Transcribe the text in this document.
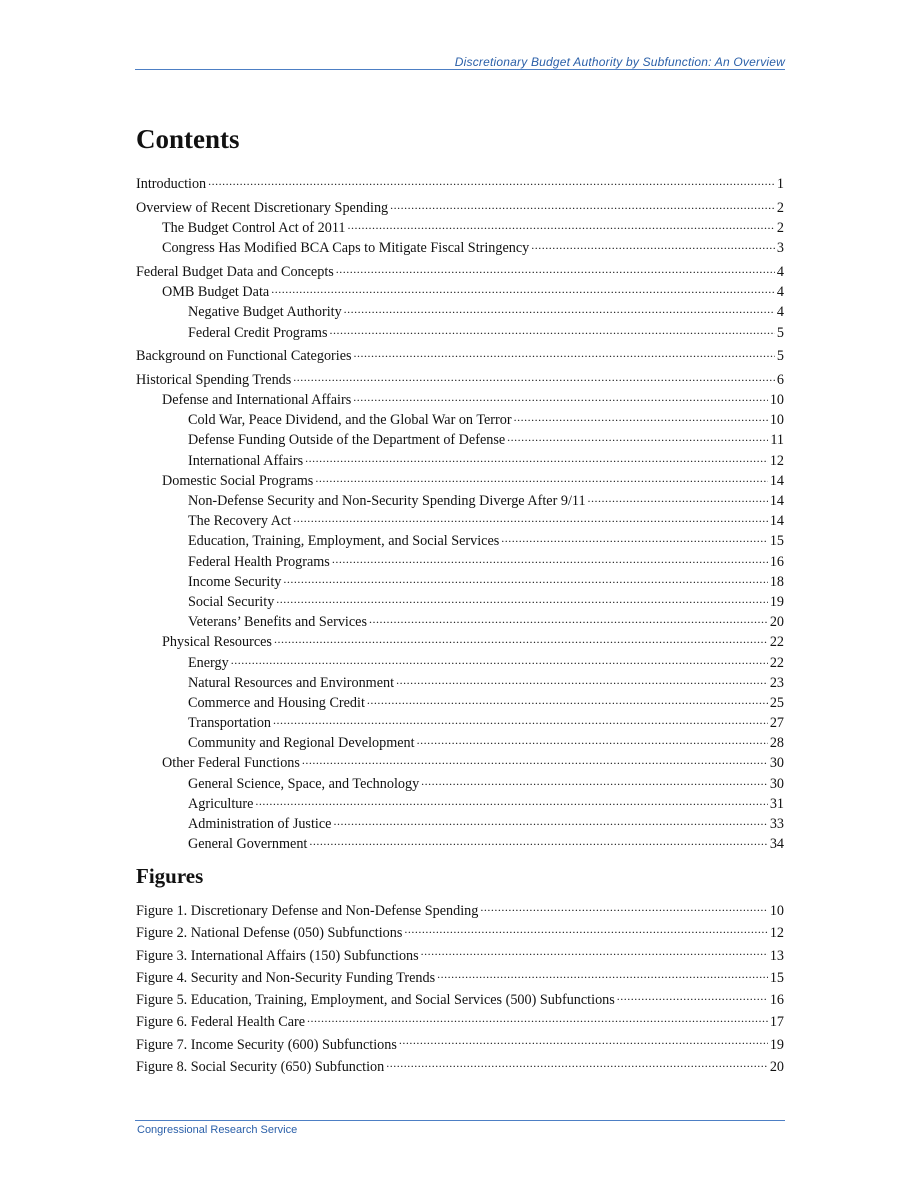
Discretionary Budget Authority by Subfunction: An Overview
Contents
Introduction .....	1
Overview of Recent Discretionary Spending .....	2
The Budget Control Act of 2011 .....	2
Congress Has Modified BCA Caps to Mitigate Fiscal Stringency .....	3
Federal Budget Data and Concepts .....	4
OMB Budget Data .....	4
Negative Budget Authority .....	4
Federal Credit Programs .....	5
Background on Functional Categories .....	5
Historical Spending Trends .....	6
Defense and International Affairs .....	10
Cold War, Peace Dividend, and the Global War on Terror .....	10
Defense Funding Outside of the Department of Defense .....	11
International Affairs .....	12
Domestic Social Programs .....	14
Non-Defense Security and Non-Security Spending Diverge After 9/11 .....	14
The Recovery Act .....	14
Education, Training, Employment, and Social Services .....	15
Federal Health Programs .....	16
Income Security .....	18
Social Security .....	19
Veterans’ Benefits and Services .....	20
Physical Resources .....	22
Energy .....	22
Natural Resources and Environment .....	23
Commerce and Housing Credit .....	25
Transportation .....	27
Community and Regional Development .....	28
Other Federal Functions .....	30
General Science, Space, and Technology .....	30
Agriculture .....	31
Administration of Justice .....	33
General Government .....	34
Figures
Figure 1. Discretionary Defense and Non-Defense Spending .....	10
Figure 2. National Defense (050) Subfunctions .....	12
Figure 3. International Affairs (150) Subfunctions .....	13
Figure 4. Security and Non-Security Funding Trends .....	15
Figure 5. Education, Training, Employment, and Social Services (500) Subfunctions .....	16
Figure 6. Federal Health Care .....	17
Figure 7. Income Security (600) Subfunctions .....	19
Figure 8. Social Security (650) Subfunction .....	20
Congressional Research Service
